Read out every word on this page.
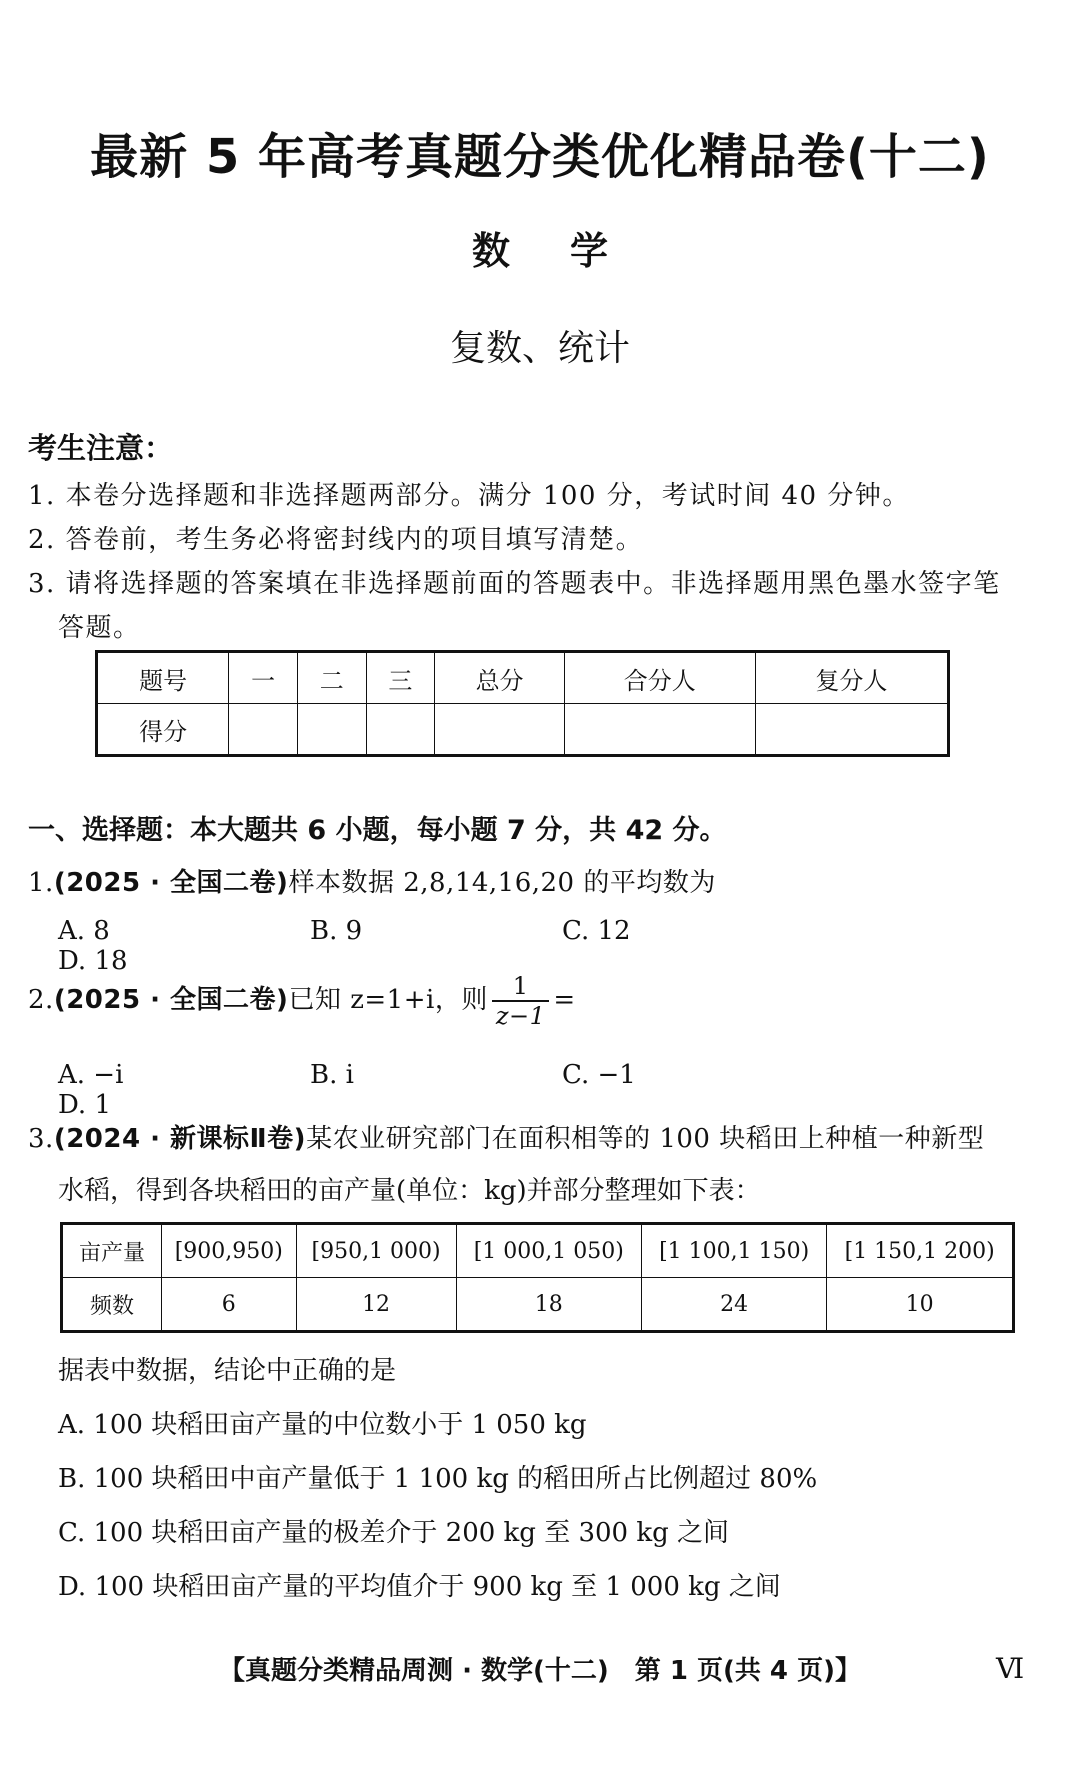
最新 5 年高考真题分类优化精品卷(十二)
数学
复数、统计
考生注意：
1. 本卷分选择题和非选择题两部分。满分 100 分，考试时间 40 分钟。
2. 答卷前，考生务必将密封线内的项目填写清楚。
3. 请将选择题的答案填在非选择题前面的答题表中。非选择题用黑色墨水签字笔
答题。
题号	一	二	三	总分	合分人	复分人
得分						
一、选择题：本大题共 6 小题，每小题 7 分，共 42 分。
1.(2025 · 全国二卷)样本数据 2,8,14,16,20 的平均数为
A. 8	B. 9	C. 12D. 18
2.(2025 · 全国二卷)已知 z=1+i，则 $\frac{1}{z-1}$ =
A. −i	B. i	C. −1D. 1
3.(2024 · 新课标Ⅱ卷)某农业研究部门在面积相等的 100 块稻田上种植一种新型
水稻，得到各块稻田的亩产量(单位：kg)并部分整理如下表：
亩产量	[900,950)	[950,1 000)	[1 000,1 050)	[1 100,1 150)	[1 150,1 200)
频数	6	12	18	24	10
据表中数据，结论中正确的是
A. 100 块稻田亩产量的中位数小于 1 050 kg
B. 100 块稻田中亩产量低于 1 100 kg 的稻田所占比例超过 80%
C. 100 块稻田亩产量的极差介于 200 kg 至 300 kg 之间
D. 100 块稻田亩产量的平均值介于 900 kg 至 1 000 kg 之间
【真题分类精品周测 · 数学(十二)　第 1 页(共 4 页)】	Ⅵ
